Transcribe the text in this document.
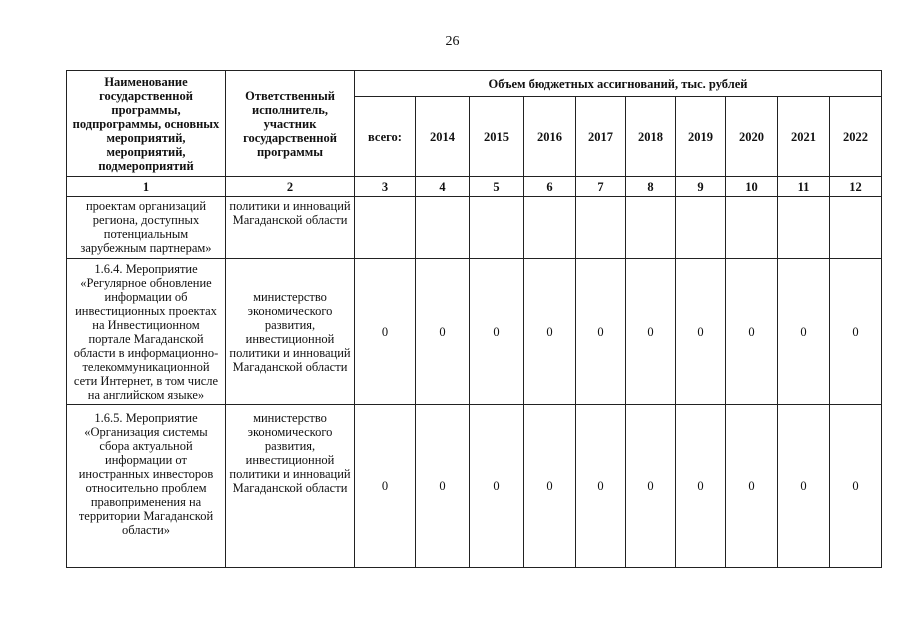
26
Наименование государственной программы, подпрограммы, основных мероприятий, мероприятий, подмероприятий	Ответственный исполнитель, участник государственной программы	Объем бюджетных ассигнований, тыс. рублей									
		всего:	2014	2015	2016	2017	2018	2019	2020	2021	2022
1	2	3	4	5	6	7	8	9	10	11	12
проектам организаций региона, доступных потенциальным зарубежным партнерам»	политики и инноваций Магаданской области										
1.6.4. Мероприятие «Регулярное обновление информации об инвестиционных проектах на Инвестиционном портале Магаданской области в информационно-телекоммуникационной сети Интернет, в том числе на английском языке»	министерство экономического развития, инвестиционной политики и инноваций Магаданской области	0	0	0	0	0	0	0	0	0	0
1.6.5. Мероприятие «Организация системы сбора актуальной информации от иностранных инвесторов относительно проблем правоприменения на территории Магаданской области»	министерство экономического развития, инвестиционной политики и инноваций Магаданской области	0	0	0	0	0	0	0	0	0	0
